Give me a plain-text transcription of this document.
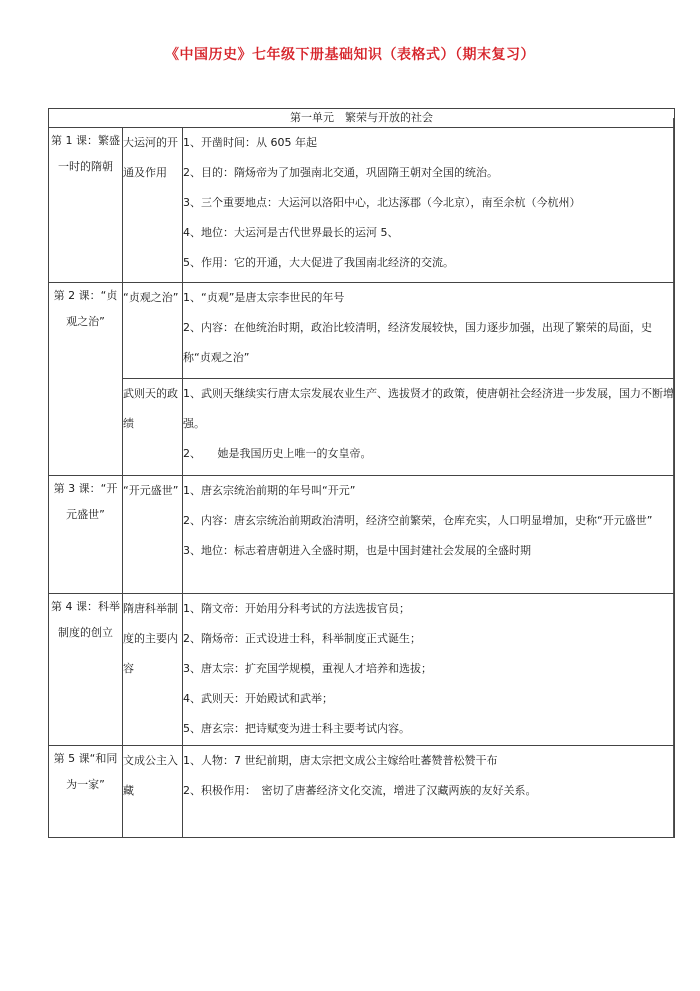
《中国历史》七年级下册基础知识（表格式）（期末复习）
第一单元　繁荣与开放的社会		
第 1 课：繁盛一时的隋朝	大运河的开通及作用	1、开凿时间：从 605 年起
2、目的：隋炀帝为了加强南北交通，巩固隋王朝对全国的统治。
3、三个重要地点：大运河以洛阳中心，北达涿郡（今北京），南至余杭（今杭州）
4、地位：大运河是古代世界最长的运河 5、
5、作用：它的开通，大大促进了我国南北经济的交流。

第 2 课：“贞观之治”	“贞观之治”	1、“贞观”是唐太宗李世民的年号
2、内容：在他统治时期，政治比较清明，经济发展较快，国力逐步加强，出现了繁荣的局面，史称“贞观之治”

	武则天的政绩	1、武则天继续实行唐太宗发展农业生产、选拔贤才的政策，使唐朝社会经济进一步发展，国力不断增强。
2、　　她是我国历史上唯一的女皇帝。

第 3 课：“开元盛世”	“开元盛世”	1、唐玄宗统治前期的年号叫“开元”
2、内容：唐玄宗统治前期政治清明，经济空前繁荣，仓库充实，人口明显增加，史称“开元盛世”
3、地位：标志着唐朝进入全盛时期，也是中国封建社会发展的全盛时期

第 4 课：科举制度的创立	隋唐科举制度的主要内容	1、隋文帝：开始用分科考试的方法选拔官员；
2、隋炀帝：正式设进士科，科举制度正式诞生；
3、唐太宗：扩充国学规模，重视人才培养和选拔；
4、武则天：开始殿试和武举；
5、唐玄宗：把诗赋变为进士科主要考试内容。

第 5 课“和同为一家”	文成公主入藏	1、人物：7 世纪前期，唐太宗把文成公主嫁给吐蕃赞普松赞干布
2、积极作用：　密切了唐蕃经济文化交流，增进了汉藏两族的友好关系。
